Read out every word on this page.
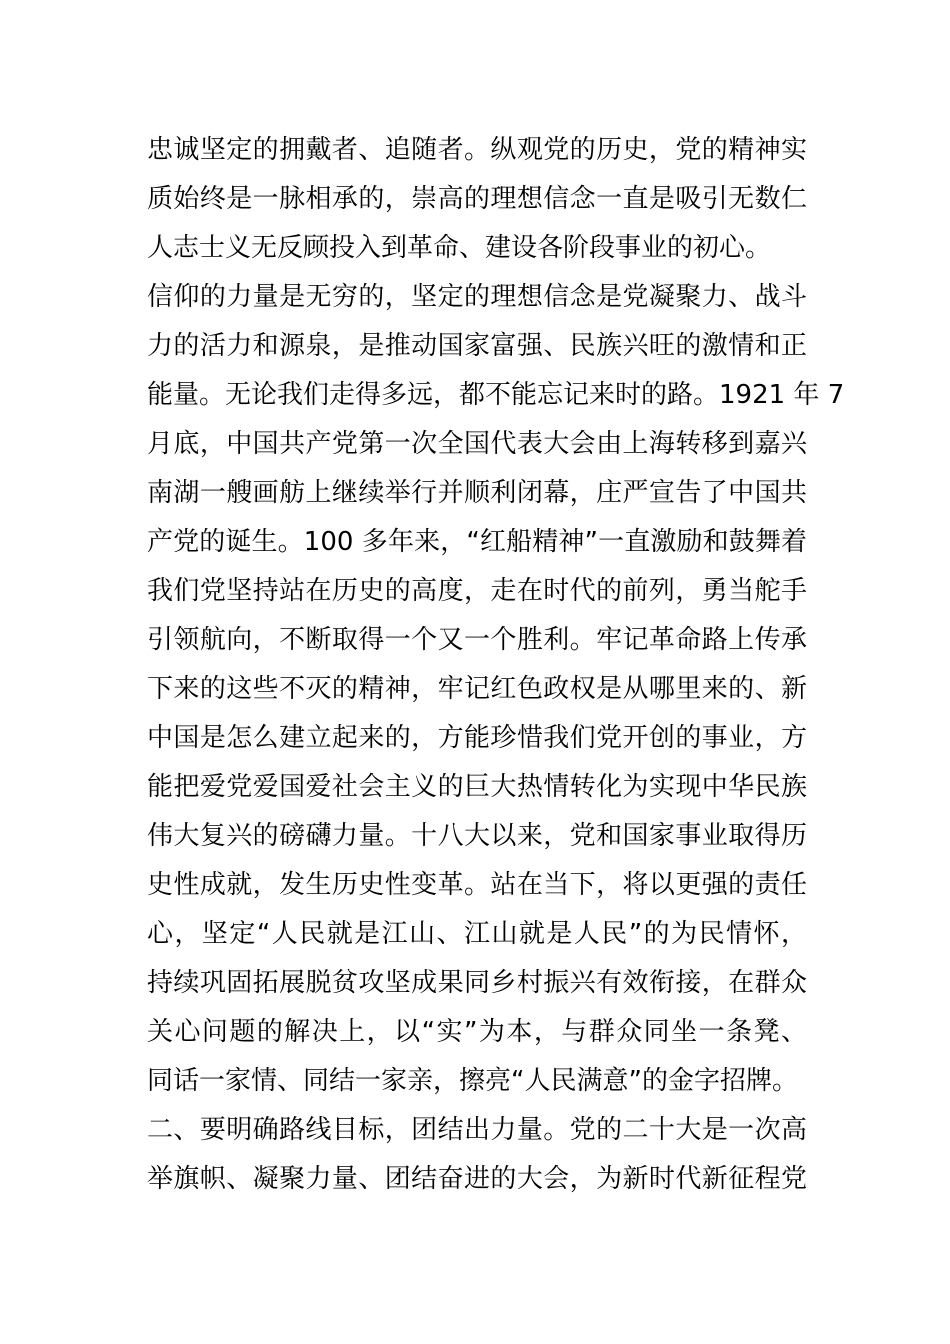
忠诚坚定的拥戴者、追随者。纵观党的历史，党的精神实
质始终是一脉相承的，崇高的理想信念一直是吸引无数仁
人志士义无反顾投入到革命、建设各阶段事业的初心。
信仰的力量是无穷的，坚定的理想信念是党凝聚力、战斗
力的活力和源泉，是推动国家富强、民族兴旺的激情和正
能量。无论我们走得多远，都不能忘记来时的路。1921 年 7
月底，中国共产党第一次全国代表大会由上海转移到嘉兴
南湖一艘画舫上继续举行并顺利闭幕，庄严宣告了中国共
产党的诞生。100 多年来，“红船精神”一直激励和鼓舞着
我们党坚持站在历史的高度，走在时代的前列，勇当舵手
引领航向，不断取得一个又一个胜利。牢记革命路上传承
下来的这些不灭的精神，牢记红色政权是从哪里来的、新
中国是怎么建立起来的，方能珍惜我们党开创的事业，方
能把爱党爱国爱社会主义的巨大热情转化为实现中华民族
伟大复兴的磅礴力量。十八大以来，党和国家事业取得历
史性成就，发生历史性变革。站在当下，将以更强的责任
心，坚定“人民就是江山、江山就是人民”的为民情怀，
持续巩固拓展脱贫攻坚成果同乡村振兴有效衔接，在群众
关心问题的解决上，以“实”为本，与群众同坐一条凳、
同话一家情、同结一家亲，擦亮“人民满意”的金字招牌。
二、要明确路线目标，团结出力量。党的二十大是一次高
举旗帜、凝聚力量、团结奋进的大会，为新时代新征程党
